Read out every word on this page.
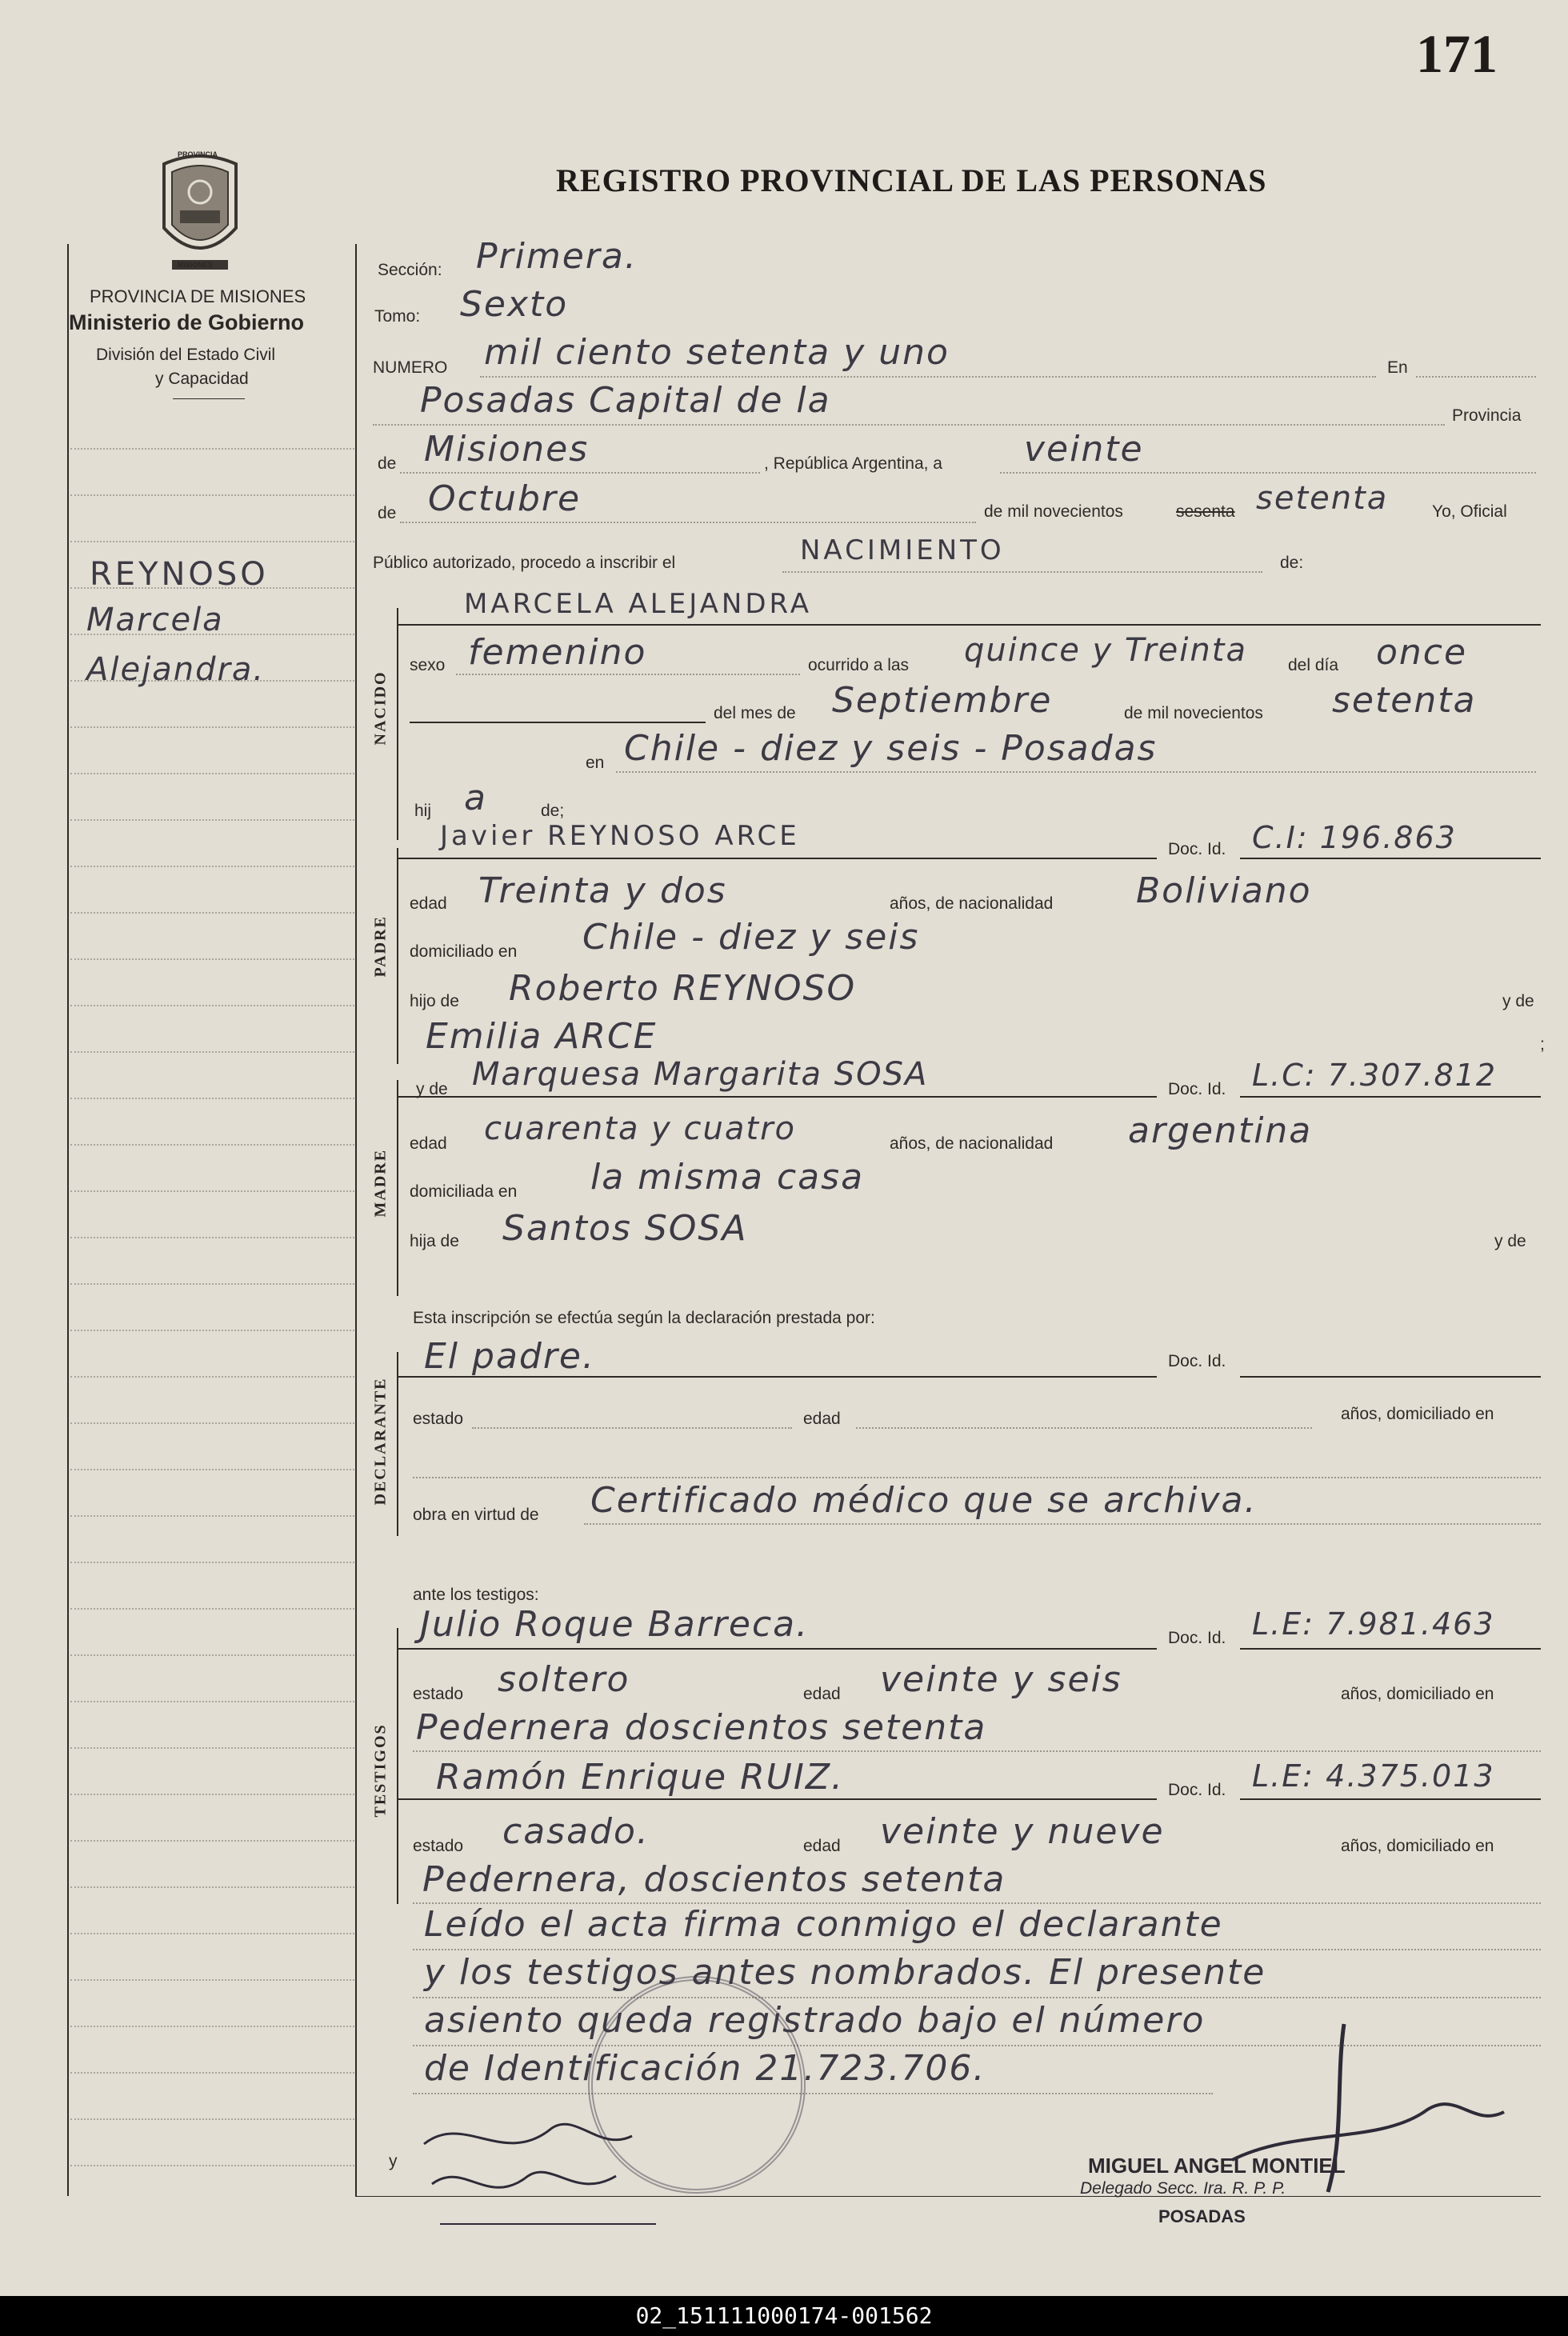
171
REGISTRO PROVINCIAL DE LAS PERSONAS
PROVINCIA
MISIONES
PROVINCIA DE MISIONES
Ministerio de Gobierno
División del Estado Civil
y Capacidad
REYNOSO
Marcela
Alejandra.
Sección: Primera.
Tomo: Sexto
NUMERO mil ciento setenta y uno	En
Posadas Capital de la	Provincia
de Misiones	, República Argentina, a veinte
de Octubre	de mil novecientos	sesenta setenta	Yo, Oficial
Público autorizado, procedo a inscribir el	NACIMIENTO	de:
NACIDO
MARCELA ALEJANDRA
sexo femenino	ocurrido a las quince y Treinta del día once
del mes de Septiembre	de mil novecientos setenta
en Chile - diez y seis - Posadas
hij a	de;
PADRE
Javier REYNOSO ARCE	Doc. Id. C.I: 196.863
edad Treinta y dos	años, de nacionalidad Boliviano
domiciliado en Chile - diez y seis
hijo de Roberto REYNOSO	y de
Emilia ARCE	;
MADRE
y de Marquesa Margarita SOSA	Doc. Id. L.C: 7.307.812
edad cuarenta y cuatro	años, de nacionalidad argentina
domiciliada en la misma casa
hija de Santos SOSA	y de
Esta inscripción se efectúa según la declaración prestada por:
DECLARANTE
El padre.	Doc. Id.
estado	edad	años, domiciliado en
obra en virtud de Certificado médico que se archiva.
ante los testigos:
TESTIGOS
Julio Roque Barreca.	Doc. Id. L.E: 7.981.463
estado soltero	edad veinte y seis	años, domiciliado en
Pedernera doscientos setenta
Ramón Enrique RUIZ.	Doc. Id. L.E: 4.375.013
estado casado.	edad veinte y nueve	años, domiciliado en
Pedernera, doscientos setenta
Leído el acta firma conmigo el declarante
y los testigos antes nombrados. El presente
asiento queda registrado bajo el número
de Identificación 21.723.706.
y	MIGUEL ANGEL MONTIEL
Delegado Secc. Ira. R. P. P.
POSADAS
02_151111000174-001562
